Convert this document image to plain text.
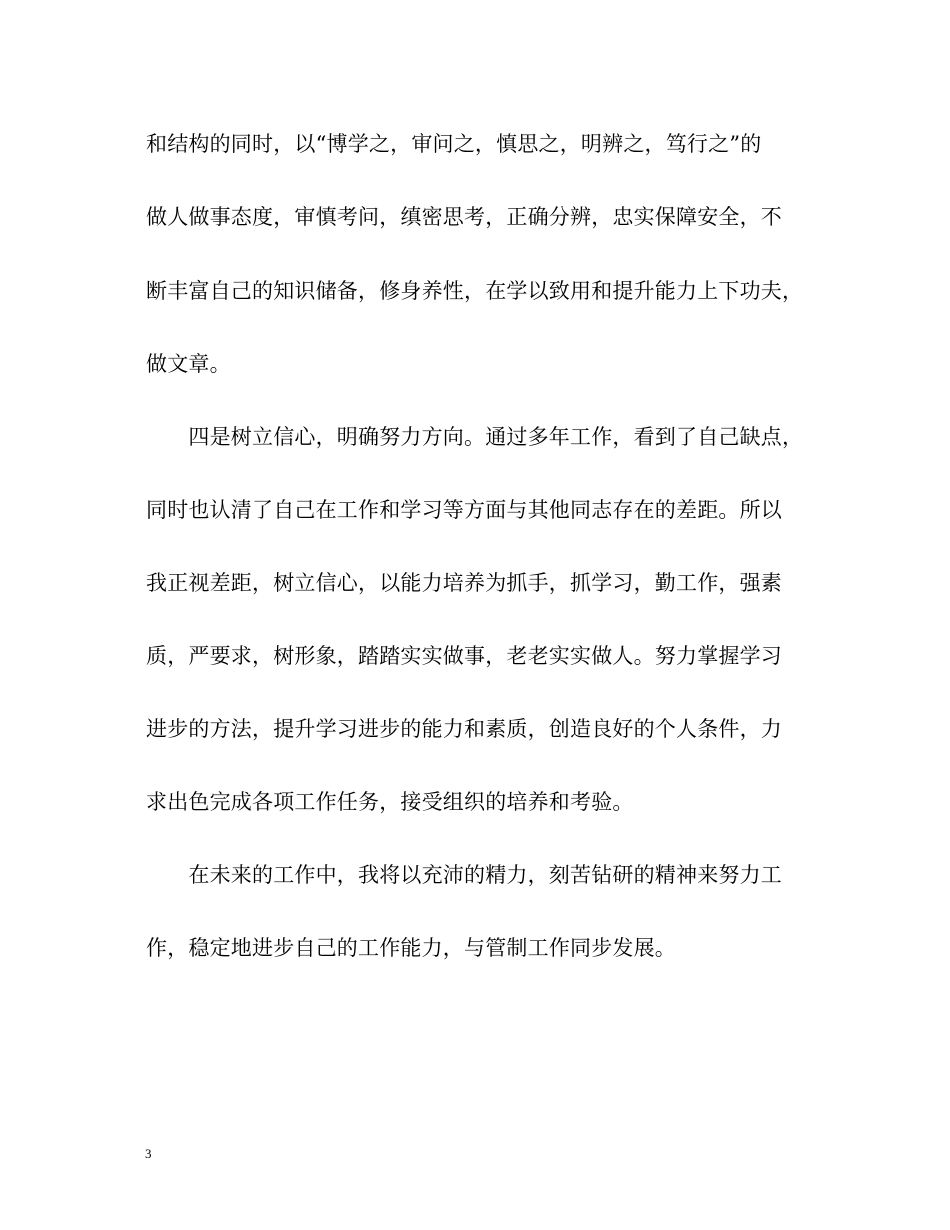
和结构的同时，以“博学之，审问之，慎思之，明辨之，笃行之”的
做人做事态度，审慎考问，缜密思考，正确分辨，忠实保障安全，不
断丰富自己的知识储备，修身养性，在学以致用和提升能力上下功夫，
做文章。
　　四是树立信心，明确努力方向。通过多年工作，看到了自己缺点，
同时也认清了自己在工作和学习等方面与其他同志存在的差距。所以
我正视差距，树立信心，以能力培养为抓手，抓学习，勤工作，强素
质，严要求，树形象，踏踏实实做事，老老实实做人。努力掌握学习
进步的方法，提升学习进步的能力和素质，创造良好的个人条件，力
求出色完成各项工作任务，接受组织的培养和考验。
　　在未来的工作中，我将以充沛的精力，刻苦钻研的精神来努力工
作，稳定地进步自己的工作能力，与管制工作同步发展。
3
